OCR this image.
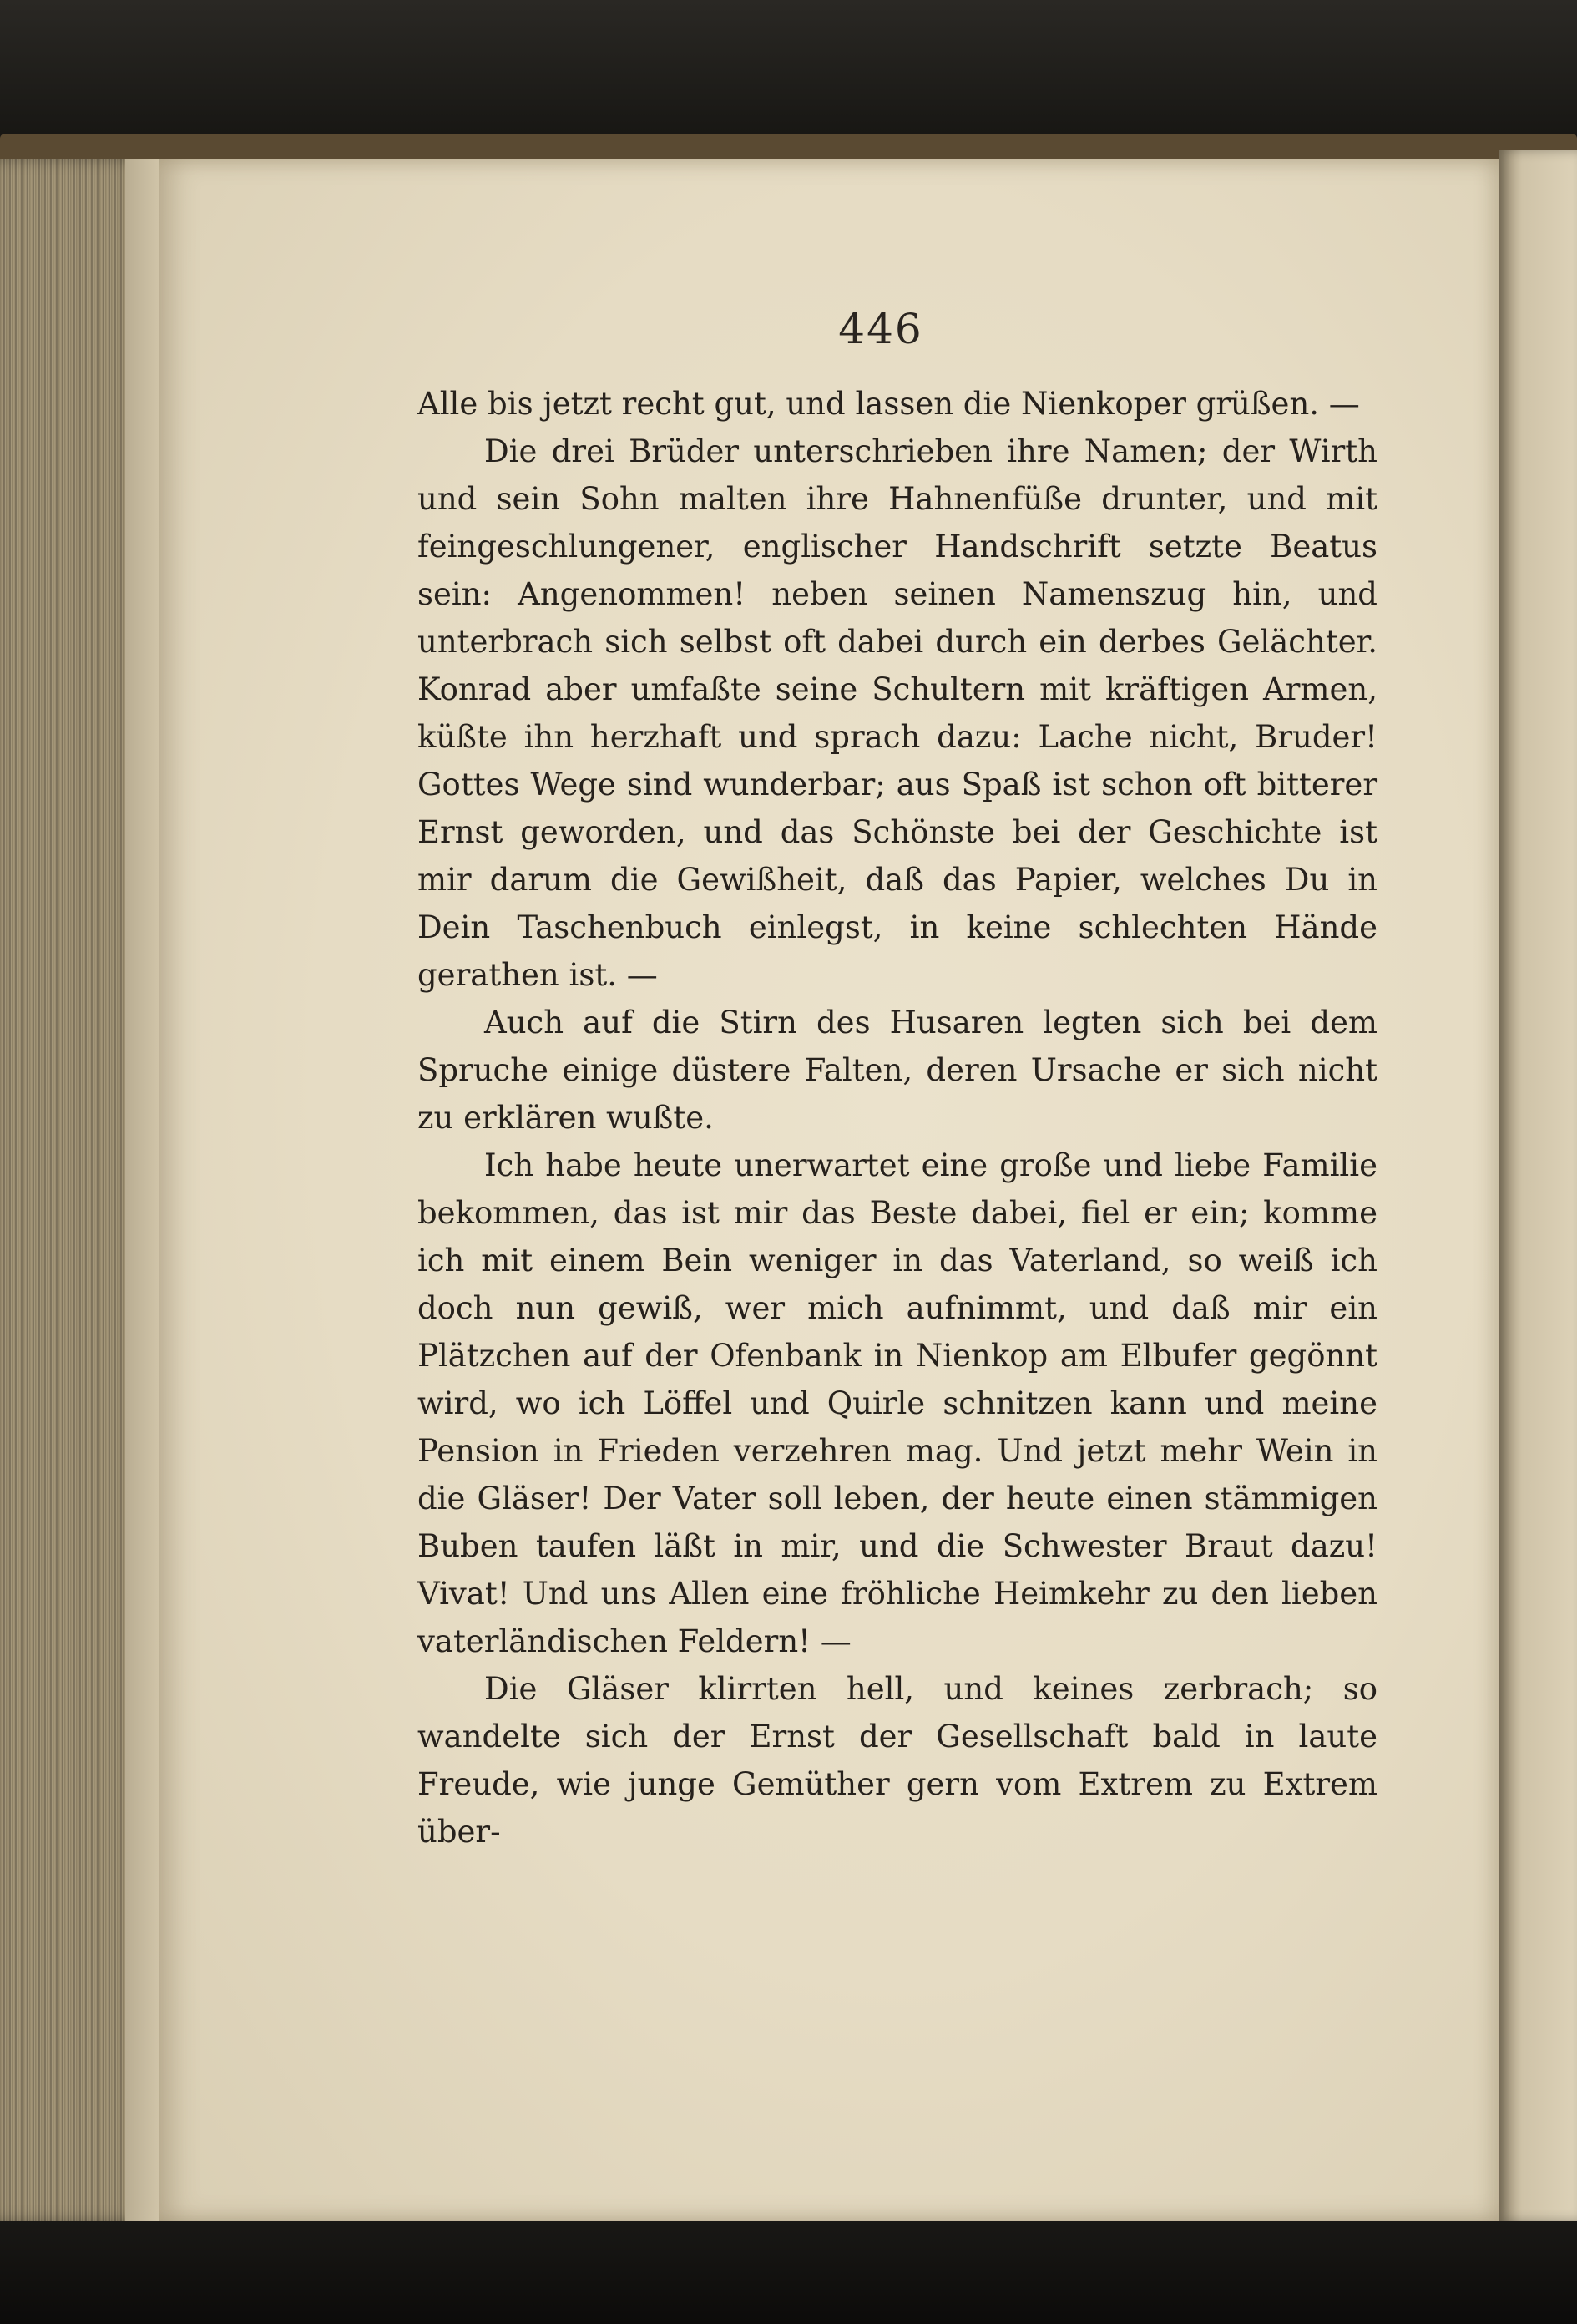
446

Alle bis jetzt recht gut, und lassen die Nienkoper grüßen. —

Die drei Brüder unterschrieben ihre Namen; der Wirth und sein Sohn malten ihre Hahnenfüße drunter, und mit feingeschlungener, englischer Handschrift setzte Beatus sein: Angenommen! neben seinen Namenszug hin, und unterbrach sich selbst oft dabei durch ein derbes Gelächter. Konrad aber umfaßte seine Schultern mit kräftigen Armen, küßte ihn herzhaft und sprach dazu: Lache nicht, Bruder! Gottes Wege sind wunderbar; aus Spaß ist schon oft bitterer Ernst geworden, und das Schönste bei der Geschichte ist mir darum die Gewißheit, daß das Papier, welches Du in Dein Taschenbuch einlegst, in keine schlechten Hände gerathen ist. —

Auch auf die Stirn des Husaren legten sich bei dem Spruche einige düstere Falten, deren Ursache er sich nicht zu erklären wußte.

Ich habe heute unerwartet eine große und liebe Familie bekommen, das ist mir das Beste dabei, fiel er ein; komme ich mit einem Bein weniger in das Vaterland, so weiß ich doch nun gewiß, wer mich aufnimmt, und daß mir ein Plätzchen auf der Ofenbank in Nienkop am Elbufer gegönnt wird, wo ich Löffel und Quirle schnitzen kann und meine Pension in Frieden verzehren mag. Und jetzt mehr Wein in die Gläser! Der Vater soll leben, der heute einen stämmigen Buben taufen läßt in mir, und die Schwester Braut dazu! Vivat! Und uns Allen eine fröhliche Heimkehr zu den lieben vaterländischen Feldern! —

Die Gläser klirrten hell, und keines zerbrach; so wandelte sich der Ernst der Gesellschaft bald in laute Freude, wie junge Gemüther gern vom Extrem zu Extrem über-
